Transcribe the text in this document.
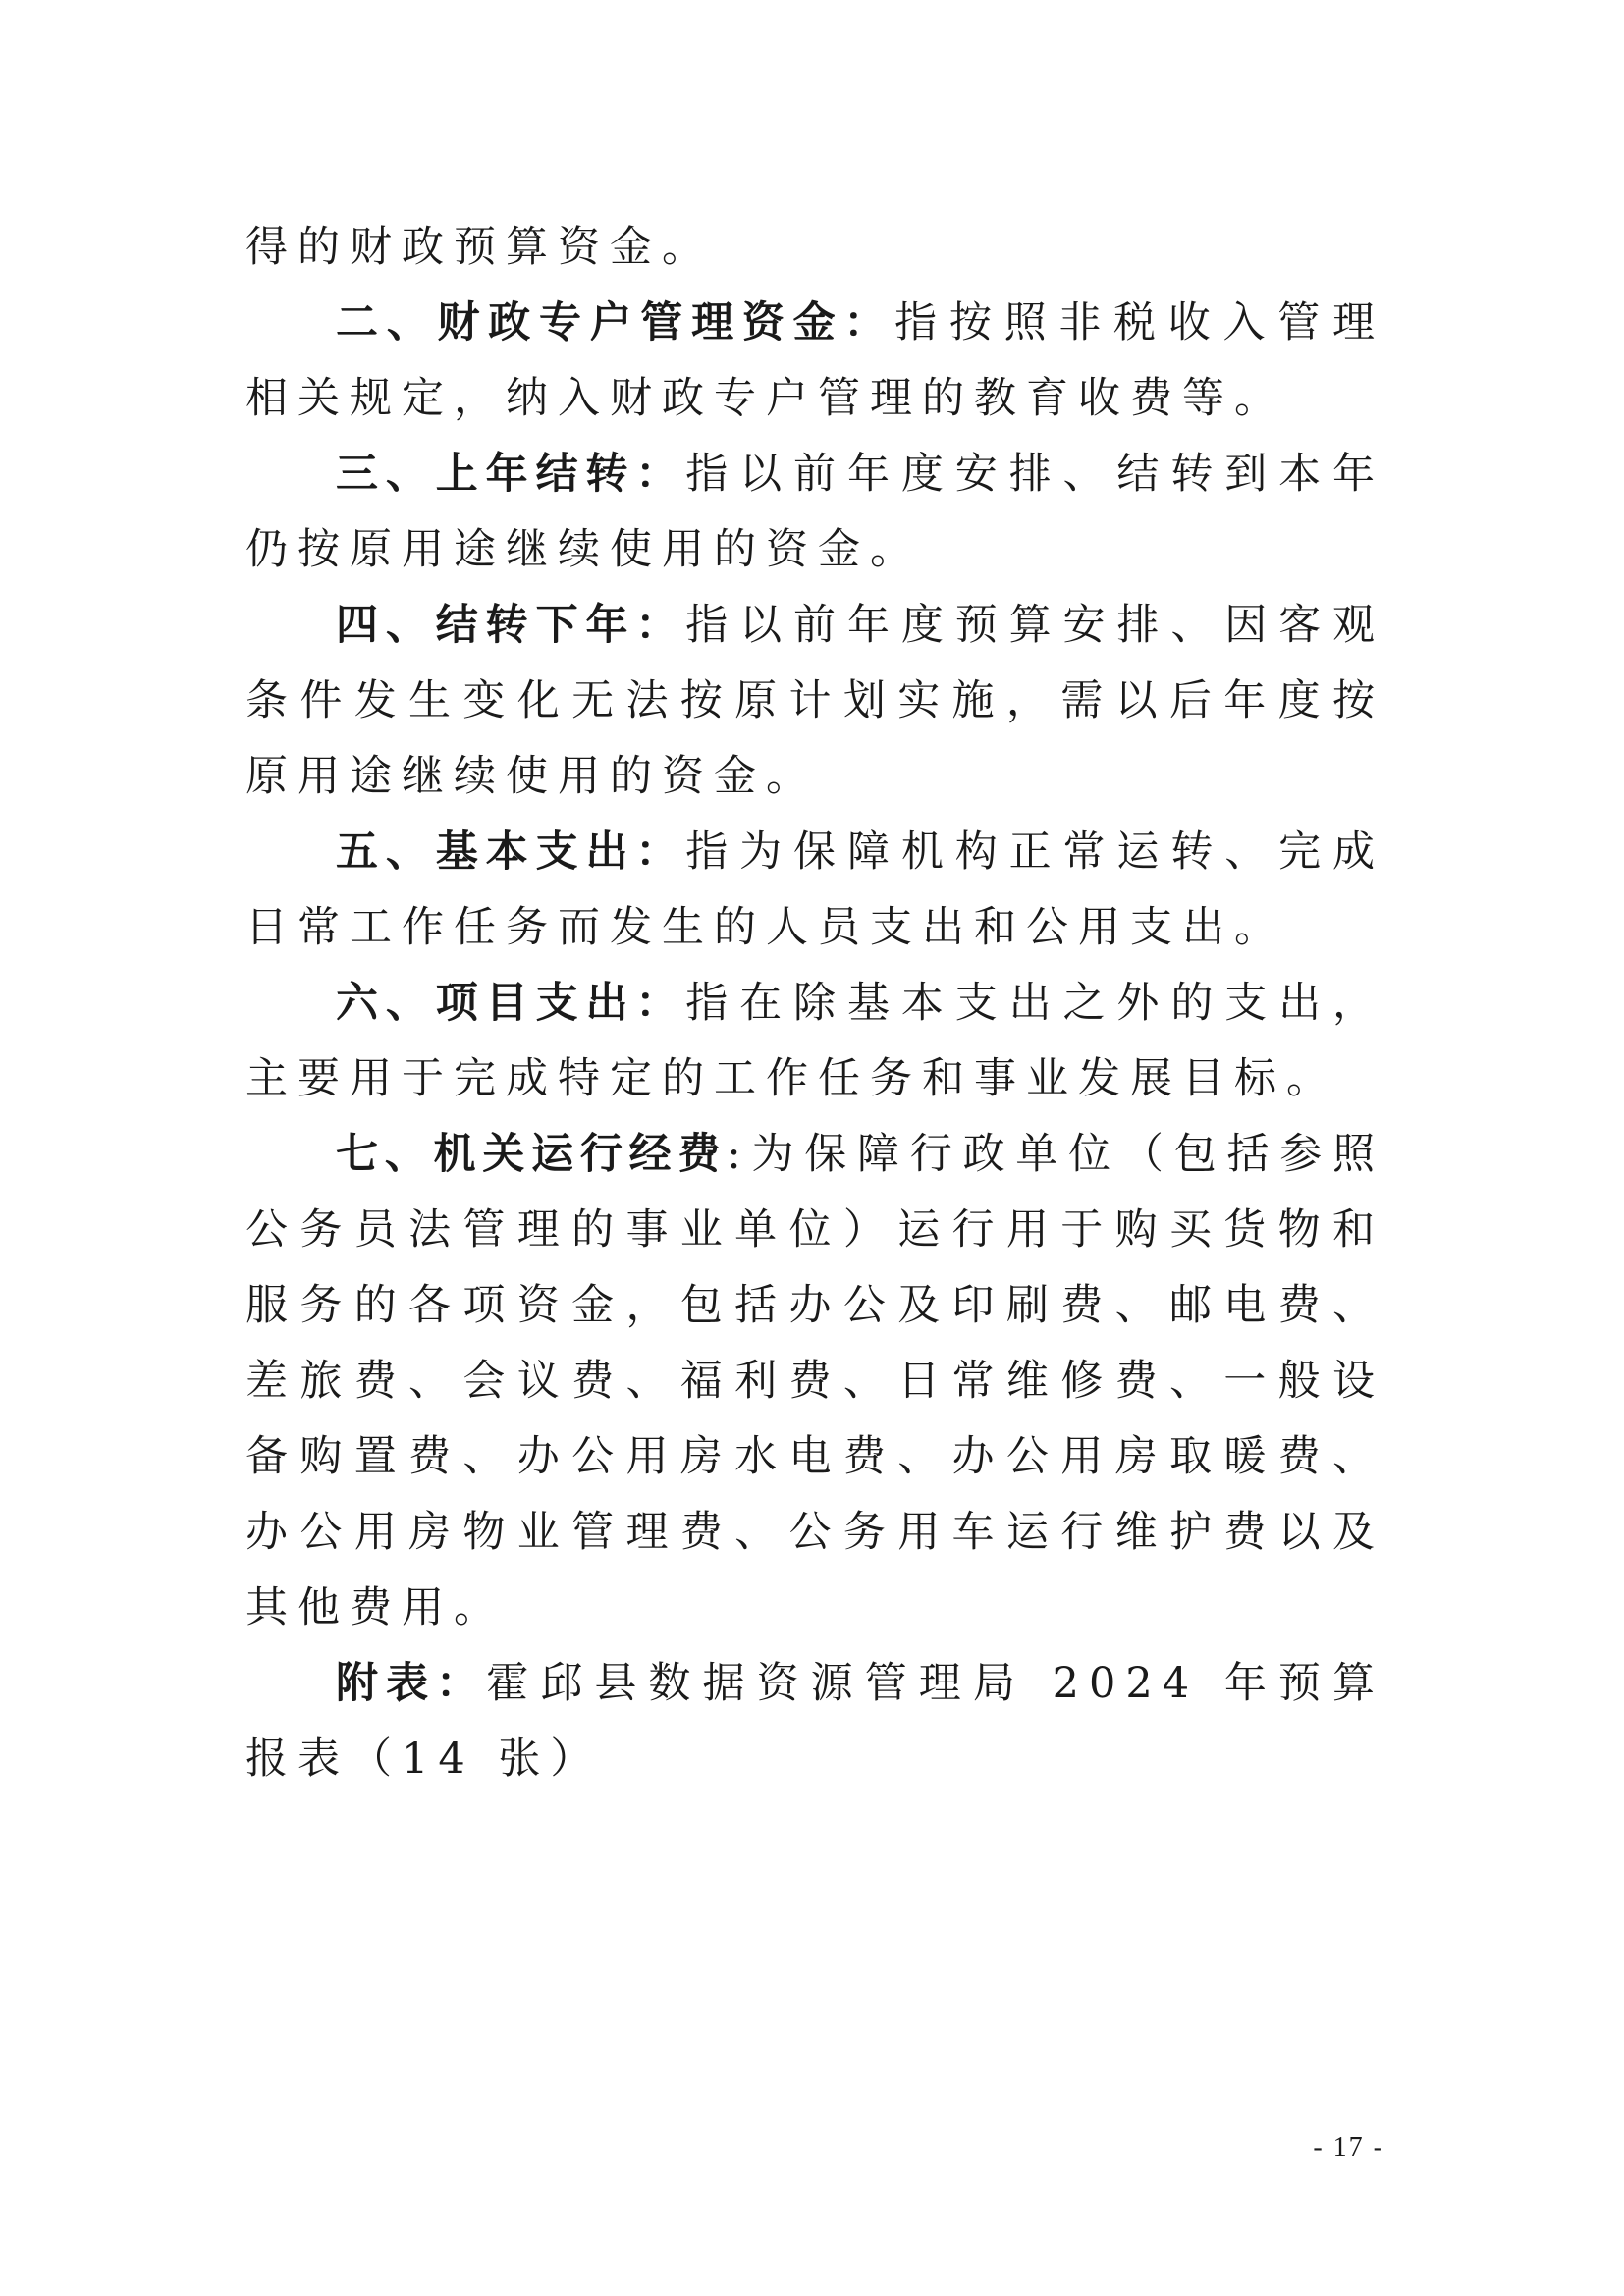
得的财政预算资金。

二、财政专户管理资金：指按照非税收入管理相关规定，纳入财政专户管理的教育收费等。

三、上年结转：指以前年度安排、结转到本年仍按原用途继续使用的资金。

四、结转下年：指以前年度预算安排、因客观条件发生变化无法按原计划实施，需以后年度按原用途继续使用的资金。

五、基本支出：指为保障机构正常运转、完成日常工作任务而发生的人员支出和公用支出。

六、项目支出：指在除基本支出之外的支出，主要用于完成特定的工作任务和事业发展目标。

七、机关运行经费:为保障行政单位（包括参照公务员法管理的事业单位）运行用于购买货物和服务的各项资金，包括办公及印刷费、邮电费、差旅费、会议费、福利费、日常维修费、一般设备购置费、办公用房水电费、办公用房取暖费、办公用房物业管理费、公务用车运行维护费以及其他费用。

附表：霍邱县数据资源管理局 2024 年预算报表（14 张）

- 17 -
